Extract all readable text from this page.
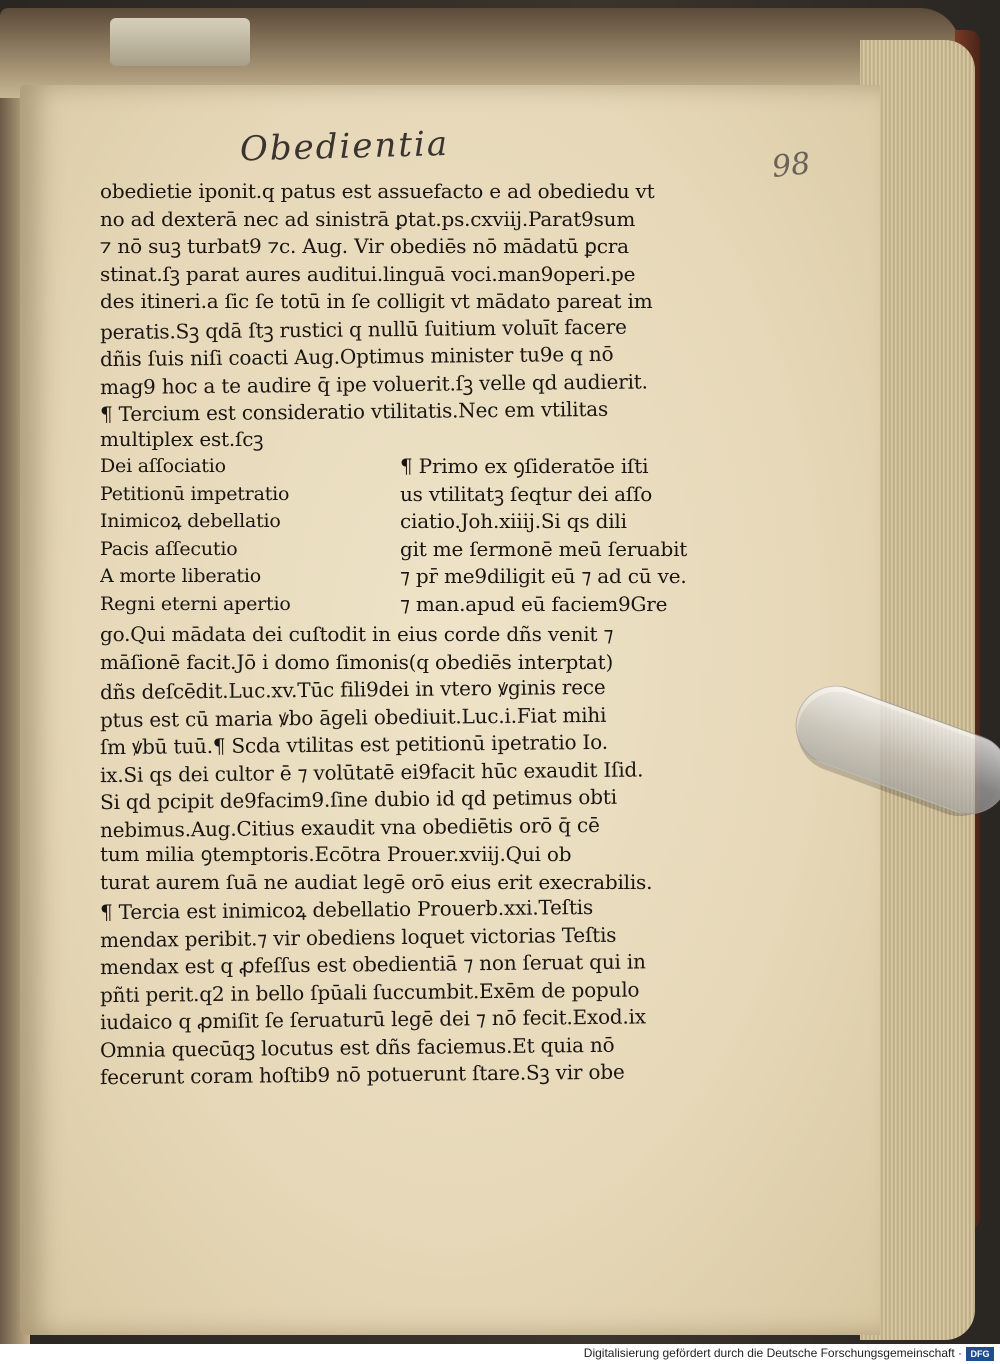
Obedientia	98
obedietie iponit.q patus est assuefacto e ad obediedu vt
no ad dexterā nec ad sinistrā ꝑtat.ps.cxviij.Parat9sum
⁊ nō suꝫ turbat9 ⁊c. Aug. Vir obediēs nō mādatū ꝑcra
stinat.ſꝫ parat aures auditui.linguā voci.man9operi.pe
des itineri.a ſic ſe totū in ſe colligit vt mādato pareat im
peratis.Sꝫ qdā ſtꝫ rustici q nullū ſuitium voluīt facere
dñis ſuis niſi coacti Aug.Optimus minister tu9e q nō
mag9 hoc a te audire q̄ ipe voluerit.ſꝫ velle qd audierit.
¶ Tercium est consideratio vtilitatis.Nec em vtilitas
multiplex est.ſcꝫ
Dei aſſociatio
Petitionū impetratio
Inimicoꝝ debellatio
Pacis aſſecutio
A morte liberatio
Regni eterni apertio
¶ Primo ex ꝯſideratōe iſti
us vtilitatꝫ ſeqtur dei aſſo
ciatio.Joh.xiiij.Si qs dili
git me ſermonē meū ſeruabit
⁊ pr̄ me9diligit eū ⁊ ad cū ve.
⁊ man.apud eū faciem9Gre
go.Qui mādata dei cuſtodit in eius corde dñs venit ⁊
māſionē facit.Jō i domo ſimonis(q obediēs interptat)
dñs deſcēdit.Luc.xv.Tūc fili9dei in vtero ꝟginis rece
ptus est cū maria ꝟbo āgeli obediuit.Luc.i.Fiat mihi
ſm ꝟbū tuū.¶ Scda vtilitas est petitionū ipetratio Io.
ix.Si qs dei cultor ē ⁊ volūtatē ei9facit hūc exaudit Iſid.
Si qd pcipit de9facim9.ſine dubio id qd petimus obti
nebimus.Aug.Citius exaudit vna obediētis orō q̄ cē
tum milia ꝯtemptoris.Ecōtra Prouer.xviij.Qui ob
turat aurem ſuā ne audiat legē orō eius erit execrabilis.
¶ Tercia est inimicoꝝ debellatio Prouerb.xxi.Teſtis
mendax peribit.⁊ vir obediens loquet victorias Teſtis
mendax est q ꝓfeſſus est obedientiā ⁊ non ſeruat qui in
pñti perit.q2 in bello ſpūali ſuccumbit.Exēm de populo
iudaico q ꝓmiſit ſe ſeruaturū legē dei ⁊ nō fecit.Exod.ix
Omnia quecūqꝫ locutus est dñs faciemus.Et quia nō
fecerunt coram hoſtib9 nō potuerunt ſtare.Sꝫ vir obe
Digitalisierung gefördert durch die Deutsche Forschungsgemeinschaft · DFG
